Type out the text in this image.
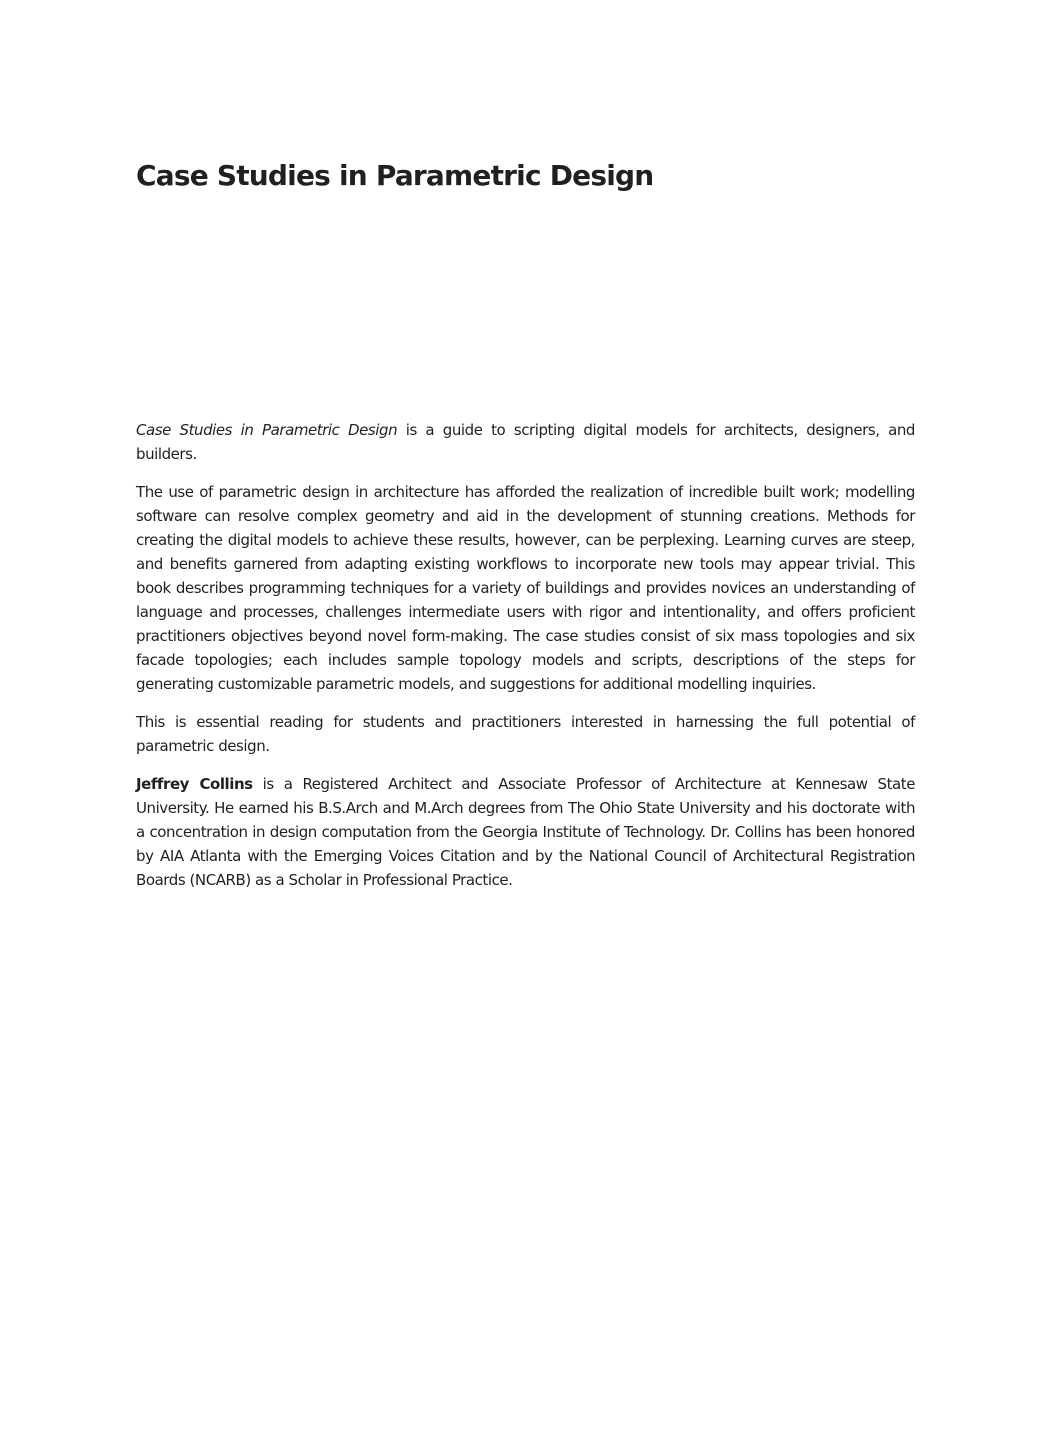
Case Studies in Parametric Design

Case Studies in Parametric Design is a guide to scripting digital models for architects, designers, and builders.

The use of parametric design in architecture has afforded the realization of incredible built work; modelling software can resolve complex geometry and aid in the development of stunning creations. Methods for creating the digital models to achieve these results, however, can be perplexing. Learning curves are steep, and benefits garnered from adapting existing workflows to incorporate new tools may appear trivial. This book describes programming techniques for a variety of buildings and provides novices an understanding of language and processes, challenges intermediate users with rigor and intentionality, and offers proficient practitioners objectives beyond novel form-making. The case studies consist of six mass topologies and six facade topologies; each includes sample topology models and scripts, descriptions of the steps for generating customizable parametric models, and suggestions for additional modelling inquiries.

This is essential reading for students and practitioners interested in harnessing the full potential of parametric design.

Jeffrey Collins is a Registered Architect and Associate Professor of Architecture at Kennesaw State University. He earned his B.S.Arch and M.Arch degrees from The Ohio State University and his doctorate with a concentration in design computation from the Georgia Institute of Technology. Dr. Collins has been honored by AIA Atlanta with the Emerging Voices Citation and by the National Council of Architectural Registration Boards (NCARB) as a Scholar in Professional Practice.
